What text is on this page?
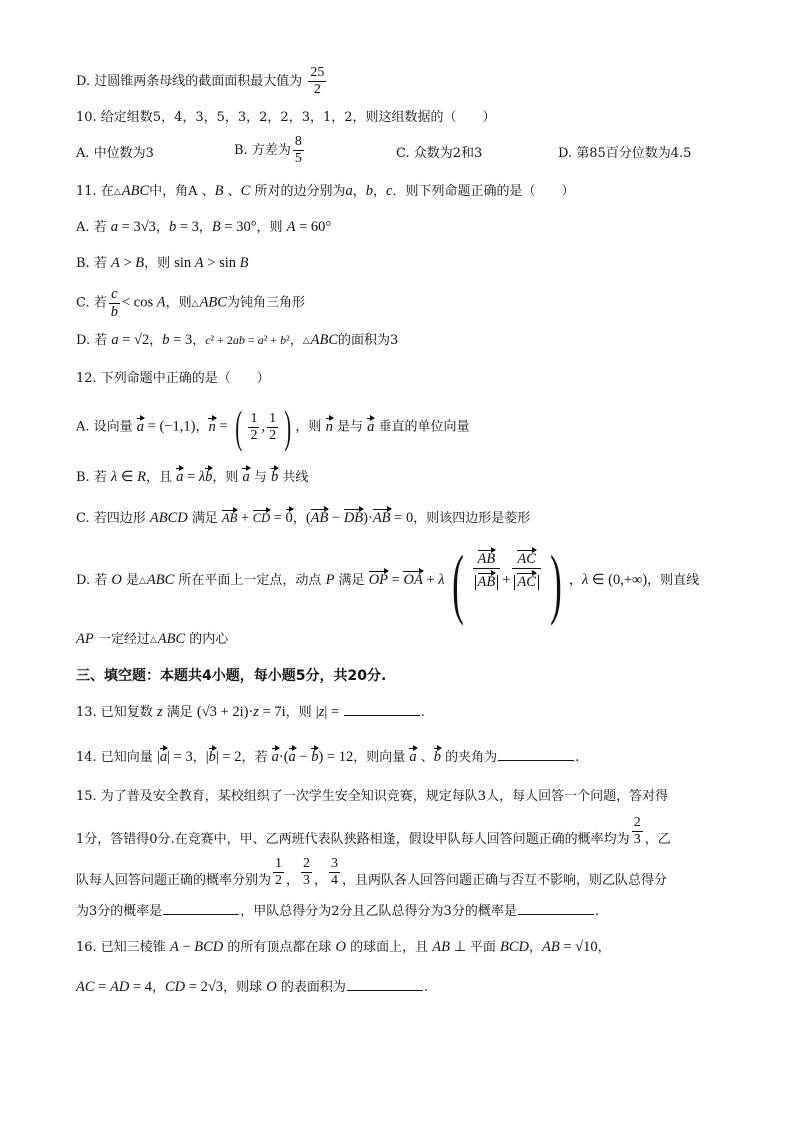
D. 过圆锥两条母线的截面面积最大值为 $\frac{25}{2}$
10. 给定组数5，4，3，5，3，2，2，3，1，2，则这组数据的（　　）
A. 中位数为3	B. 方差为 $\frac{8}{5}$	C. 众数为2和3	D. 第85百分位数为4.5
11. 在△ABC中，角A 、B 、C 所对的边分别为a，b，c．则下列命题正确的是（　　）
A. 若 a = 3√3，b = 3，B = 30°，则 A = 60°
B. 若 A > B，则 sin A > sin B
C. 若 $\frac{c}{b} < \cos A$，则△ABC为钝角三角形
D. 若 a = √2，b = 3，c² + 2ab = a² + b²，△ABC的面积为3
12. 下列命题中正确的是（　　）
A. 设向量 a = (−1,1)，n = ( $\frac{1}{2}$ , $\frac{1}{2}$ ) ，则 n 是与 a 垂直的单位向量
B. 若 λ ∈ R，且 a = λb，则 a 与 b 共线
C. 若四边形 ABCD 满足 AB + CD = 0，(AB − DB)·AB = 0，则该四边形是菱形
D. 若 O 是$_\triangle$ABC 所在平面上一定点，动点 P 满足 OP = OA + $\lambda( \frac{AB}{AB} + \frac{AC}{AC}$ ) ，λ ∈ (0,+∞)，则直线
AP 一定经过△ABC 的内心
三、填空题：本题共4小题，每小题5分，共20分.
13. 已知复数 z 满足 (√3 + 2i)·z = 7i，则 |z| =	.
14. 已知向量 |a| = 3，|b| = 2，若 a·(a − b) = 12，则向量 a 、b 的夹角为	.
15. 为了普及安全教育，某校组织了一次学生安全知识竞赛，规定每队3人，每人回答一个问题，答对得
1分，答错得0分.在竞赛中，甲、乙两班代表队狭路相逢，假设甲队每人回答问题正确的概率均为 $\frac{2}{3}$ ，乙
队每人回答问题正确的概率分别为 $\frac{1}{2}$ ， $\frac{2}{3}$ ， $\frac{3}{4}$ ，且两队各人回答问题正确与否互不影响，则乙队总得分
为3分的概率是	，甲队总得分为2分且乙队总得分为3分的概率是	.
16. 已知三棱锥 A − BCD 的所有顶点都在球 O 的球面上，且 AB ⊥ 平面 BCD，AB = √10，
AC = AD = 4，CD = 2√3，则球 O 的表面积为	.
